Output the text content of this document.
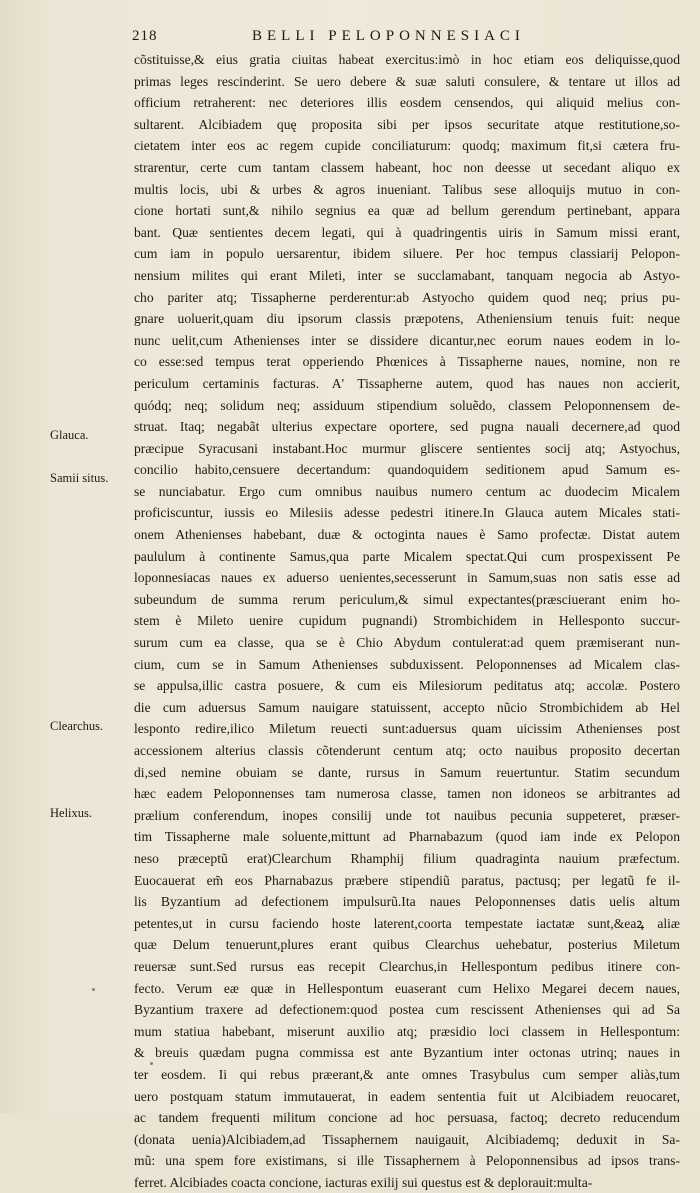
218	BELLI PELOPONNESIACI
Glauca.
Samii situs.
Clearchus.
Helixus.
cõstituisse,& eius gratia ciuitas habeat exercitus:imò in hoc etiam eos deliquisse,quod
primas leges rescinderint. Se uero debere & suæ saluti consulere, & tentare ut illos ad
officium retraherent: nec deteriores illis eosdem censendos, qui aliquid melius con-
sultarent. Alcibiadem quę proposita sibi per ipsos securitate atque restitutione,so-
cietatem inter eos ac regem cupide conciliaturum: quodq; maximum fit,si cætera fru-
strarentur, certe cum tantam classem habeant, hoc non deesse ut secedant aliquo ex
multis locis, ubi & urbes & agros inueniant. Talibus sese alloquijs mutuo in con-
cione hortati sunt,& nihilo segnius ea quæ ad bellum gerendum pertinebant, appara
bant. Quæ sentientes decem legati, qui à quadringentis uiris in Samum missi erant,
cum iam in populo uersarentur, ibidem siluere. Per hoc tempus classiarij Pelopon-
nensium milites qui erant Mileti, inter se succlamabant, tanquam negocia ab Astyo-
cho pariter atq; Tissapherne perderentur:ab Astyocho quidem quod neq; prius pu-
gnare uoluerit,quam diu ipsorum classis præpotens, Atheniensium tenuis fuit: neque
nunc uelit,cum Athenienses inter se dissidere dicantur,nec eorum naues eodem in lo-
co esse:sed tempus terat opperiendo Phœnices à Tissapherne naues, nomine, non re
periculum certaminis facturas. A' Tissapherne autem, quod has naues non accierit,
quódq; neq; solidum neq; assiduum stipendium soluẽdo, classem Peloponnensem de-
struat. Itaq; negabãt ulterius expectare oportere, sed pugna nauali decernere,ad quod
præcipue Syracusani instabant.Hoc murmur gliscere sentientes socij atq; Astyochus,
concilio habito,censuere decertandum: quandoquidem seditionem apud Samum es-
se nunciabatur. Ergo cum omnibus nauibus numero centum ac duodecim Micalem
proficiscuntur, iussis eo Milesiis adesse pedestri itinere.In Glauca autem Micales stati-
onem Athenienses habebant, duæ & octoginta naues è Samo profectæ. Distat autem
paululum à continente Samus,qua parte Micalem spectat.Qui cum prospexissent Pe
loponnesiacas naues ex aduerso uenientes,secesserunt in Samum,suas non satis esse ad
subeundum de summa rerum periculum,& simul expectantes(præsciuerant enim ho-
stem è Mileto uenire cupidum pugnandi) Strombichidem in Hellesponto succur-
surum cum ea classe, qua se è Chio Abydum contulerat:ad quem præmiserant nun-
cium, cum se in Samum Athenienses subduxissent. Peloponnenses ad Micalem clas-
se appulsa,illic castra posuere, & cum eis Milesiorum peditatus atq; accolæ. Postero
die cum aduersus Samum nauigare statuissent, accepto nũcio Strombichidem ab Hel
lesponto redire,ilico Miletum reuecti sunt:aduersus quam uicissim Athenienses post
accessionem alterius classis cõtenderunt centum atq; octo nauibus proposito decertan
di,sed nemine obuiam se dante, rursus in Samum reuertuntur. Statim secundum
hæc eadem Peloponnenses tam numerosa classe, tamen non idoneos se arbitrantes ad
prælium conferendum, inopes consilij unde tot nauibus pecunia suppeteret, præser-
tim Tissapherne male soluente,mittunt ad Pharnabazum (quod iam inde ex Pelopon
neso præceptũ erat)Clearchum Rhamphij filium quadraginta nauium præfectum.
Euocauerat em̃ eos Pharnabazus præbere stipendiũ paratus, pactusq; per legatũ fe il-
lis Byzantium ad defectionem impulsurũ.Ita naues Peloponnenses datis uelis altum
petentes,ut in cursu faciendo hoste laterent,coorta tempestate iactatæ sunt,&eaꝝ aliæ
quæ Delum tenuerunt,plures erant quibus Clearchus uehebatur, posterius Miletum
reuersæ sunt.Sed rursus eas recepit Clearchus,in Hellespontum pedibus itinere con-
fecto. Verum eæ quæ in Hellespontum euaserant cum Helixo Megarei decem naues,
Byzantium traxere ad defectionem:quod postea cum rescissent Athenienses qui ad Sa
mum statiua habebant, miserunt auxilio atq; præsidio loci classem in Hellespontum:
& breuis quædam pugna commissa est ante Byzantium inter octonas utrinq; naues in
ter eosdem. Ii qui rebus præerant,& ante omnes Trasybulus cum semper aliàs,tum
uero postquam statum immutauerat, in eadem sententia fuit ut Alcibiadem reuocaret,
ac tandem frequenti militum concione ad hoc persuasa, factoq; decreto reducendum
(donata uenia)Alcibiadem,ad Tissaphernem nauigauit, Alcibiademq; deduxit in Sa-
mũ: una spem fore existimans, si ille Tissaphernem à Peloponnensibus ad ipsos trans-
ferret. Alcibiades coacta concione, iacturas exilij sui questus est & deplorauit:multa-
